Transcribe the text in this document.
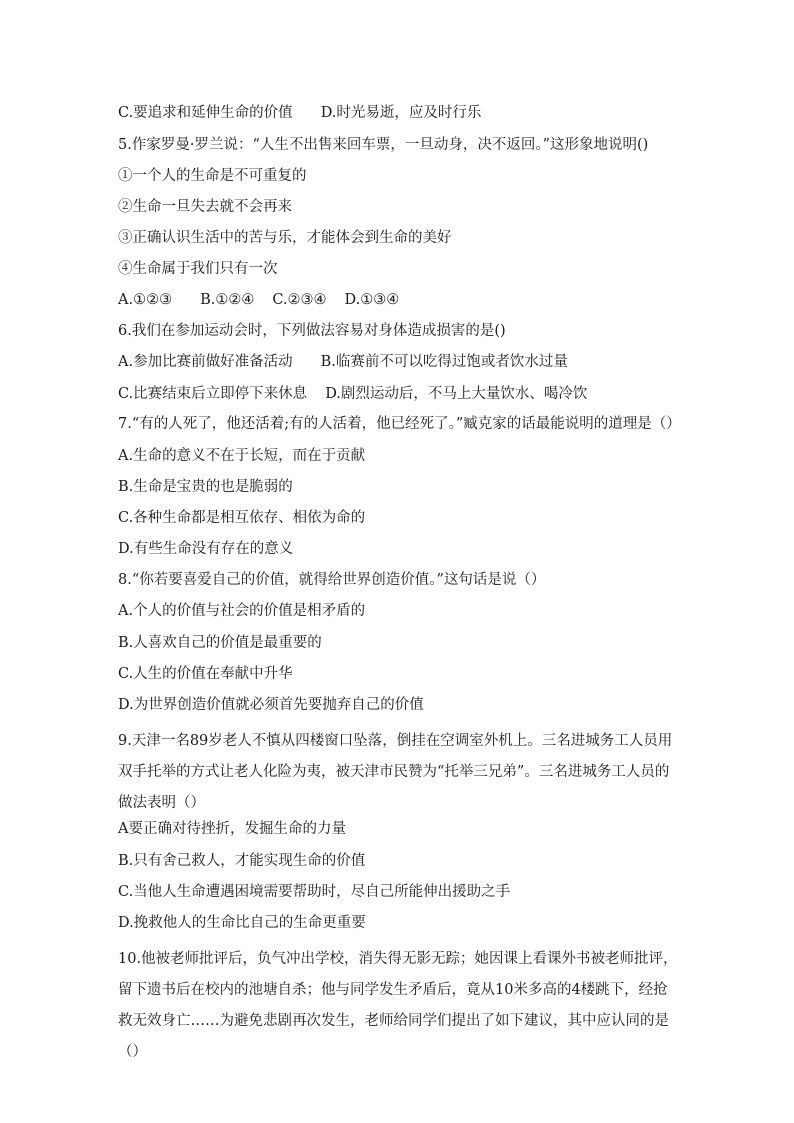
C.要追求和延伸生命的价值 D.时光易逝，应及时行乐
5.作家罗曼·罗兰说：“人生不出售来回车票，一旦动身，决不返回。”这形象地说明()
①一个人的生命是不可重复的
②生命一旦失去就不会再来
③正确认识生活中的苦与乐，才能体会到生命的美好
④生命属于我们只有一次
A.①②③ B.①②④ C.②③④ D.①③④
6.我们在参加运动会时，下列做法容易对身体造成损害的是()
A.参加比赛前做好准备活动 B.临赛前不可以吃得过饱或者饮水过量
C.比赛结束后立即停下来休息 D.剧烈运动后，不马上大量饮水、喝冷饮
7.“有的人死了，他还活着;有的人活着，他已经死了。”臧克家的话最能说明的道理是（）
A.生命的意义不在于长短，而在于贡献
B.生命是宝贵的也是脆弱的
C.各种生命都是相互依存、相依为命的
D.有些生命没有存在的意义
8.“你若要喜爱自己的价值，就得给世界创造价值。”这句话是说（）
A.个人的价值与社会的价值是相矛盾的
B.人喜欢自己的价值是最重要的
C.人生的价值在奉献中升华
D.为世界创造价值就必须首先要抛弃自己的价值
9.天津一名89岁老人不慎从四楼窗口坠落，倒挂在空调室外机上。三名进城务工人员用双手托举的方式让老人化险为夷，被天津市民赞为“托举三兄弟”。三名进城务工人员的做法表明（）
A要正确对待挫折，发掘生命的力量
B.只有舍己救人，才能实现生命的价值
C.当他人生命遭遇困境需要帮助时，尽自己所能伸出援助之手
D.挽救他人的生命比自己的生命更重要
10.他被老师批评后，负气冲出学校，消失得无影无踪；她因课上看课外书被老师批评，留下遗书后在校内的池塘自杀；他与同学发生矛盾后，竟从10米多高的4楼跳下，经抢救无效身亡……为避免悲剧再次发生，老师给同学们提出了如下建议，其中应认同的是（）
